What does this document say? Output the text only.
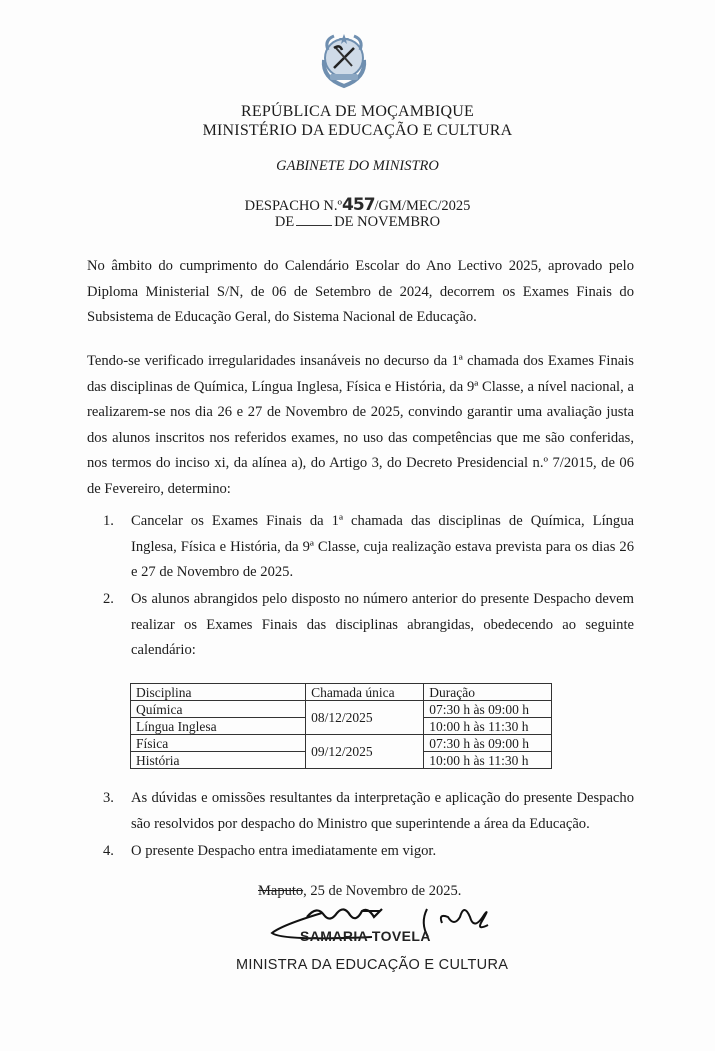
REPÚBLICA DE MOÇAMBIQUE
MINISTÉRIO DA EDUCAÇÃO E CULTURA
GABINETE DO MINISTRO
DESPACHO N.º457/GM/MEC/2025
DE	DE NOVEMBRO
No âmbito do cumprimento do Calendário Escolar do Ano Lectivo 2025, aprovado pelo Diploma Ministerial S/N, de 06 de Setembro de 2024, decorrem os Exames Finais do Subsistema de Educação Geral, do Sistema Nacional de Educação.
Tendo-se verificado irregularidades insanáveis no decurso da 1ª chamada dos Exames Finais das disciplinas de Química, Língua Inglesa, Física e História, da 9ª Classe, a nível nacional, a realizarem-se nos dia 26 e 27 de Novembro de 2025, convindo garantir uma avaliação justa dos alunos inscritos nos referidos exames, no uso das competências que me são conferidas, nos termos do inciso xi, da alínea a), do Artigo 3, do Decreto Presidencial n.º 7/2015, de 06 de Fevereiro, determino:
1. Cancelar os Exames Finais da 1ª chamada das disciplinas de Química, Língua Inglesa, Física e História, da 9ª Classe, cuja realização estava prevista para os dias 26 e 27 de Novembro de 2025.
2. Os alunos abrangidos pelo disposto no número anterior do presente Despacho devem realizar os Exames Finais das disciplinas abrangidas, obedecendo ao seguinte calendário:
Disciplina	Chamada única	Duração
Química	08/12/2025	07:30 h às 09:00 h
Língua Inglesa		10:00 h às 11:30 h
Física	09/12/2025	07:30 h às 09:00 h
História		10:00 h às 11:30 h
3. As dúvidas e omissões resultantes da interpretação e aplicação do presente Despacho são resolvidos por despacho do Ministro que superintende a área da Educação.
4. O presente Despacho entra imediatamente em vigor.
Maputo, 25 de Novembro de 2025.
SAMARIA TOVELA
MINISTRA DA EDUCAÇÃO E CULTURA
